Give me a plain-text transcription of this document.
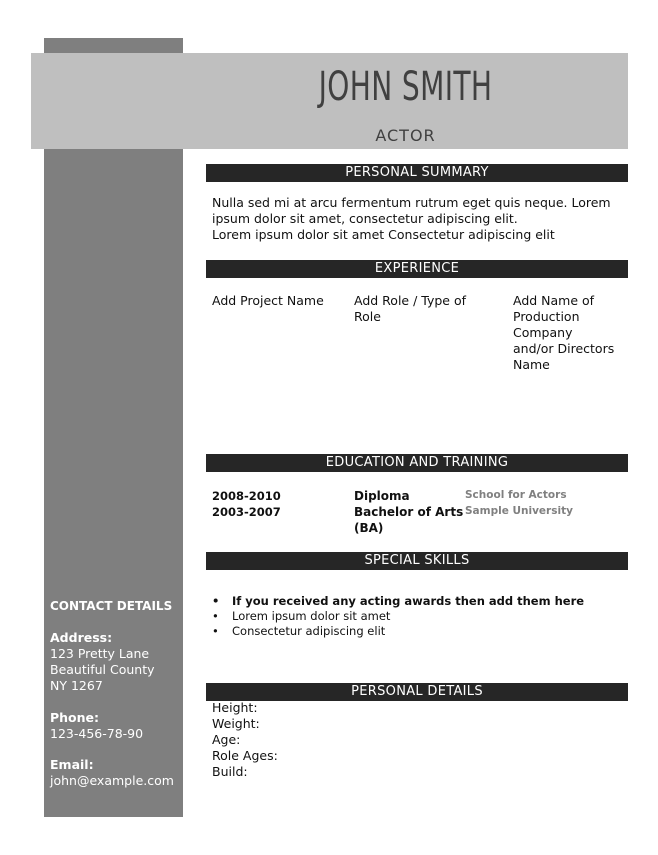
JOHN SMITH
ACTOR
PERSONAL SUMMARY
Nulla sed mi at arcu fermentum rutrum eget quis neque. Lorem
ipsum dolor sit amet, consectetur adipiscing elit.
Lorem ipsum dolor sit amet Consectetur adipiscing elit
EXPERIENCE
Add Project Name Add Role / Type of
Role
Add Name of
Production
Company
and/or Directors
Name
EDUCATION AND TRAINING
2008-2010
2003-2007
Diploma
Bachelor of Arts
(BA)
School for Actors
Sample University
SPECIAL SKILLS
• If you received any acting awards then add them here
• Lorem ipsum dolor sit amet
• Consectetur adipiscing elit
PERSONAL DETAILS
Height:
Weight:
Age:
Role Ages:
Build:
CONTACT DETAILS
Address:
123 Pretty Lane
Beautiful County
NY 1267
Phone:
123-456-78-90
Email:
john@example.com
